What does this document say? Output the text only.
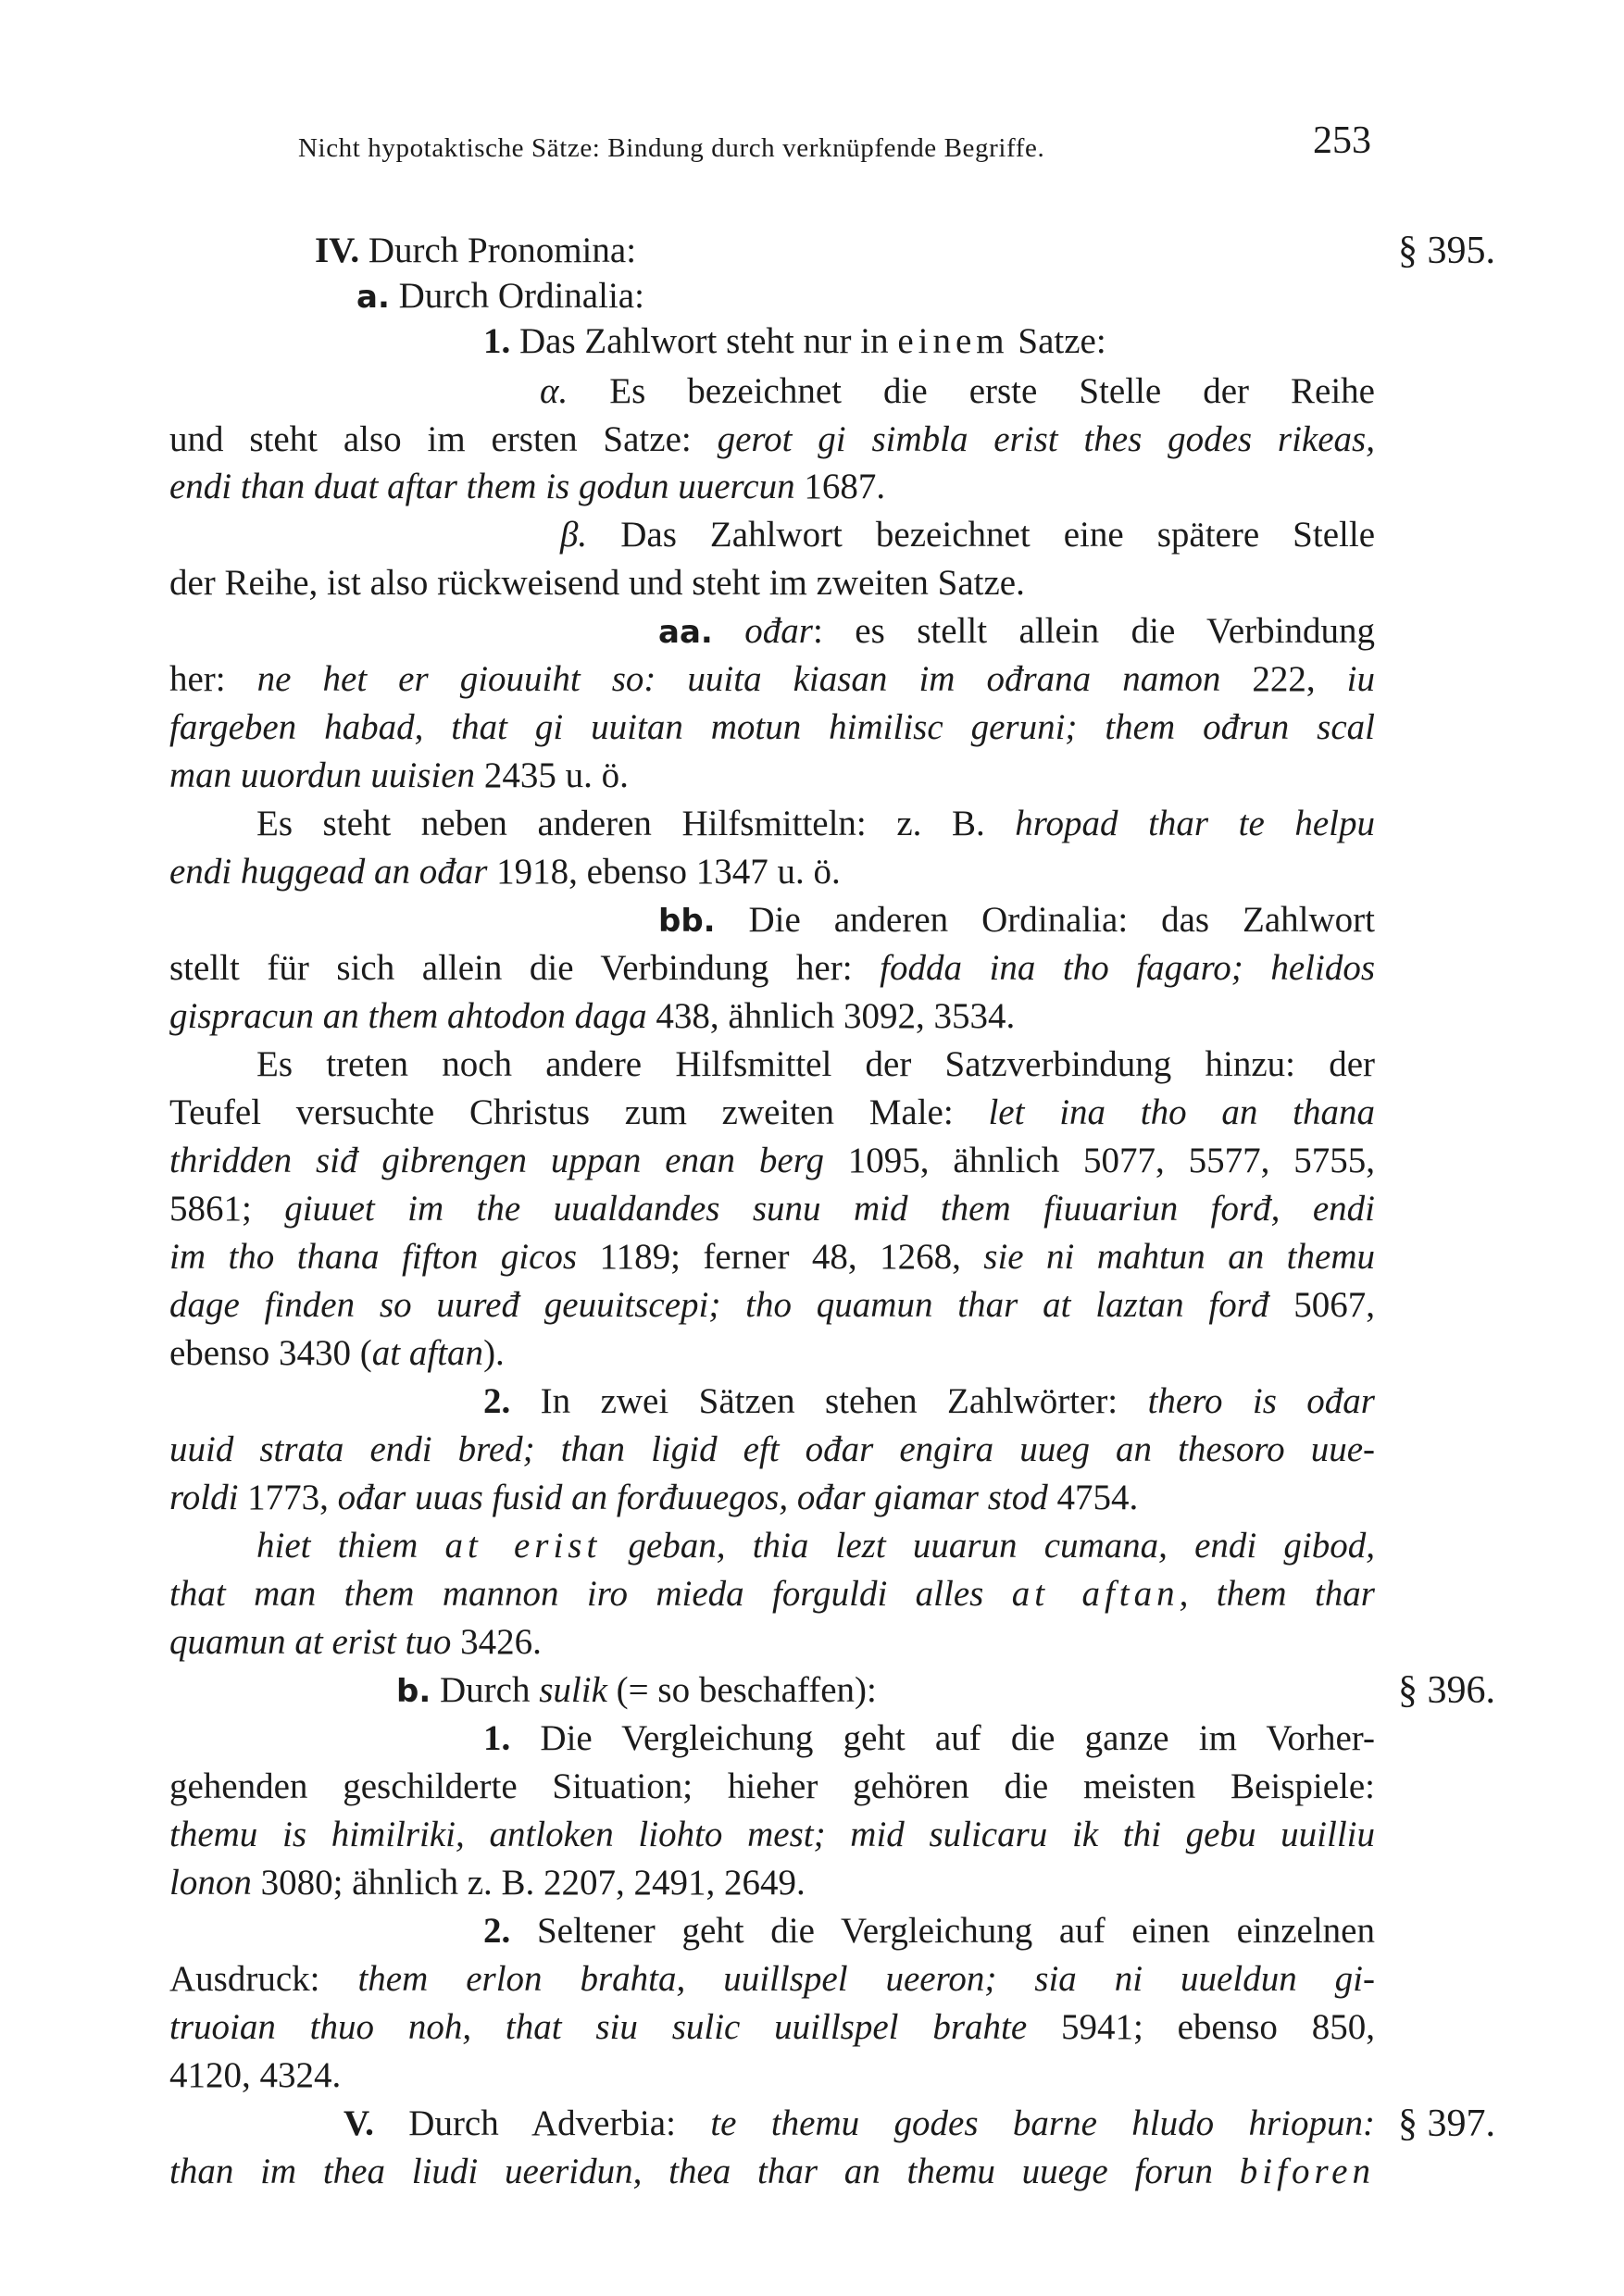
Nicht hypotaktische Sätze: Bindung durch verknüpfende Begriffe.	253
IV. Durch Pronomina:
a. Durch Ordinalia:
1. Das Zahlwort steht nur in einem Satze:
α. Es bezeichnet die erste Stelle der Reihe
und steht also im ersten Satze: gerot gi simbla erist thes godes rikeas,
endi than duat aftar them is godun uuercun 1687.
β. Das Zahlwort bezeichnet eine spätere Stelle
der Reihe, ist also rückweisend und steht im zweiten Satze.
aa. ođar: es stellt allein die Verbindung
her: ne het er giouuiht so: uuita kiasan im ođrana namon 222, iu
fargeben habad, that gi uuitan motun himilisc geruni; them ođrun scal
man uuordun uuisien 2435 u. ö.
Es steht neben anderen Hilfsmitteln: z. B. hropad thar te helpu
endi huggead an ođar 1918, ebenso 1347 u. ö.
bb. Die anderen Ordinalia: das Zahlwort
stellt für sich allein die Verbindung her: fodda ina tho fagaro; helidos
gispracun an them ahtodon daga 438, ähnlich 3092, 3534.
Es treten noch andere Hilfsmittel der Satzverbindung hinzu: der
Teufel versuchte Christus zum zweiten Male: let ina tho an thana
thridden siđ gibrengen uppan enan berg 1095, ähnlich 5077, 5577, 5755,
5861; giuuet im the uualdandes sunu mid them fiuuariun forđ, endi
im tho thana fifton gicos 1189; ferner 48, 1268, sie ni mahtun an themu
dage finden so uuređ geuuitscepi; tho quamun thar at laztan forđ 5067,
ebenso 3430 (at aftan).
2. In zwei Sätzen stehen Zahlwörter: thero is ođar
uuid strata endi bred; than ligid eft ođar engira uueg an thesoro uue-
roldi 1773, ođar uuas fusid an forđuuegos, ođar giamar stod 4754.
hiet thiem at erist geban, thia lezt uuarun cumana, endi gibod,
that man them mannon iro mieda forguldi alles at aftan, them thar
quamun at erist tuo 3426.
b. Durch sulik (= so beschaffen):
1. Die Vergleichung geht auf die ganze im Vorher-
gehenden geschilderte Situation; hieher gehören die meisten Beispiele:
themu is himilriki, antloken liohto mest; mid sulicaru ik thi gebu uuilliu
lonon 3080; ähnlich z. B. 2207, 2491, 2649.
2. Seltener geht die Vergleichung auf einen einzelnen
Ausdruck: them erlon brahta, uuillspel ueeron; sia ni uueldun gi-
truoian thuo noh, that siu sulic uuillspel brahte 5941; ebenso 850,
4120, 4324.
V. Durch Adverbia: te themu godes barne hludo hriopun:
than im thea liudi ueeridun, thea thar an themu uuege forun biforen
§ 395.
§ 396.
§ 397.
